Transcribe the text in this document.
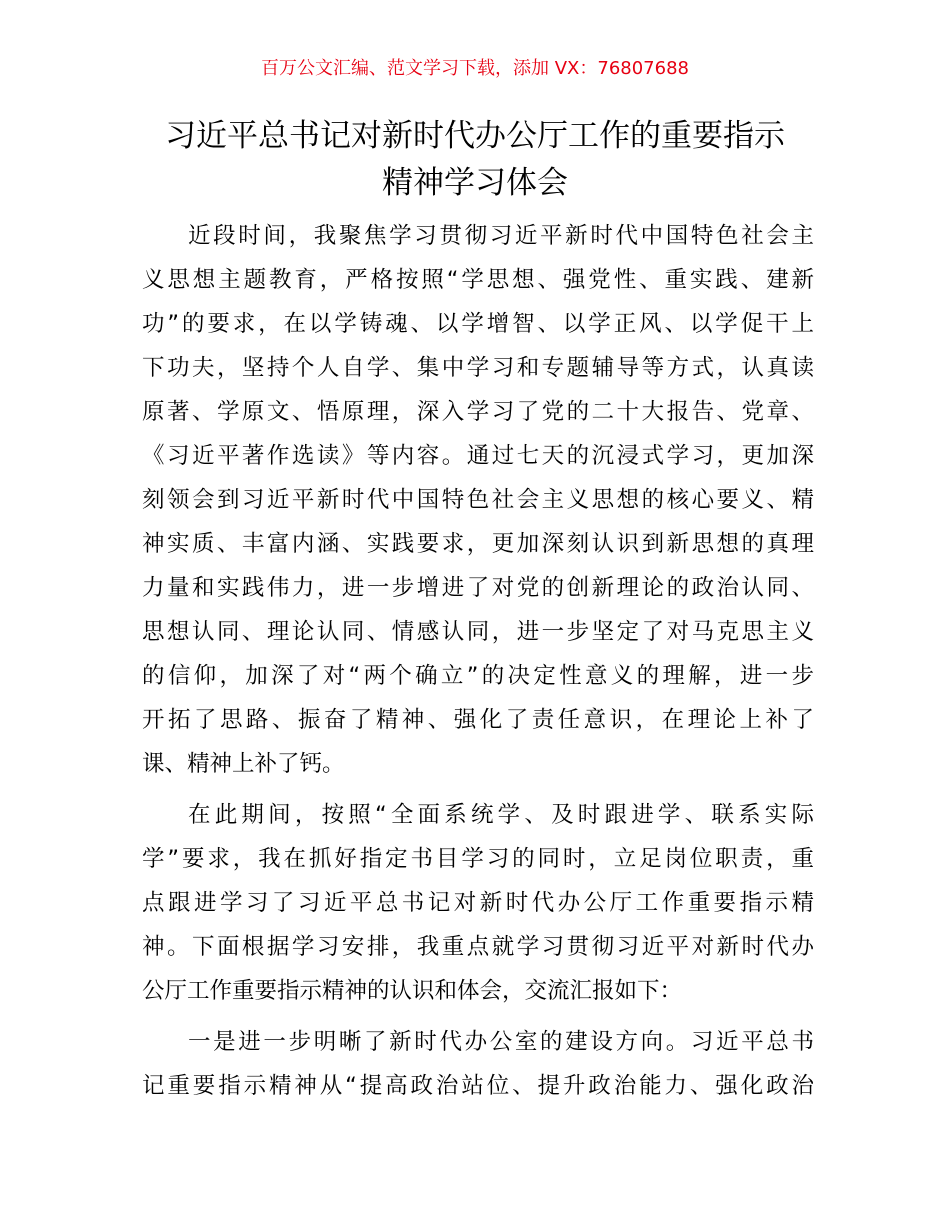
百万公文汇编、范文学习下载，添加 VX：76807688
习近平总书记对新时代办公厅工作的重要指示
精神学习体会

近段时间，我聚焦学习贯彻习近平新时代中国特色社会主
义思想主题教育，严格按照“学思想、强党性、重实践、建新
功”的要求，在以学铸魂、以学增智、以学正风、以学促干上
下功夫，坚持个人自学、集中学习和专题辅导等方式，认真读
原著、学原文、悟原理，深入学习了党的二十大报告、党章、
《习近平著作选读》等内容。通过七天的沉浸式学习，更加深
刻领会到习近平新时代中国特色社会主义思想的核心要义、精
神实质、丰富内涵、实践要求，更加深刻认识到新思想的真理
力量和实践伟力，进一步增进了对党的创新理论的政治认同、
思想认同、理论认同、情感认同，进一步坚定了对马克思主义
的信仰，加深了对“两个确立”的决定性意义的理解，进一步
开拓了思路、振奋了精神、强化了责任意识，在理论上补了
课、精神上补了钙。

在此期间，按照“全面系统学、及时跟进学、联系实际
学”要求，我在抓好指定书目学习的同时，立足岗位职责，重
点跟进学习了习近平总书记对新时代办公厅工作重要指示精
神。下面根据学习安排，我重点就学习贯彻习近平对新时代办
公厅工作重要指示精神的认识和体会，交流汇报如下：

一是进一步明晰了新时代办公室的建设方向。习近平总书
记重要指示精神从“提高政治站位、提升政治能力、强化政治
